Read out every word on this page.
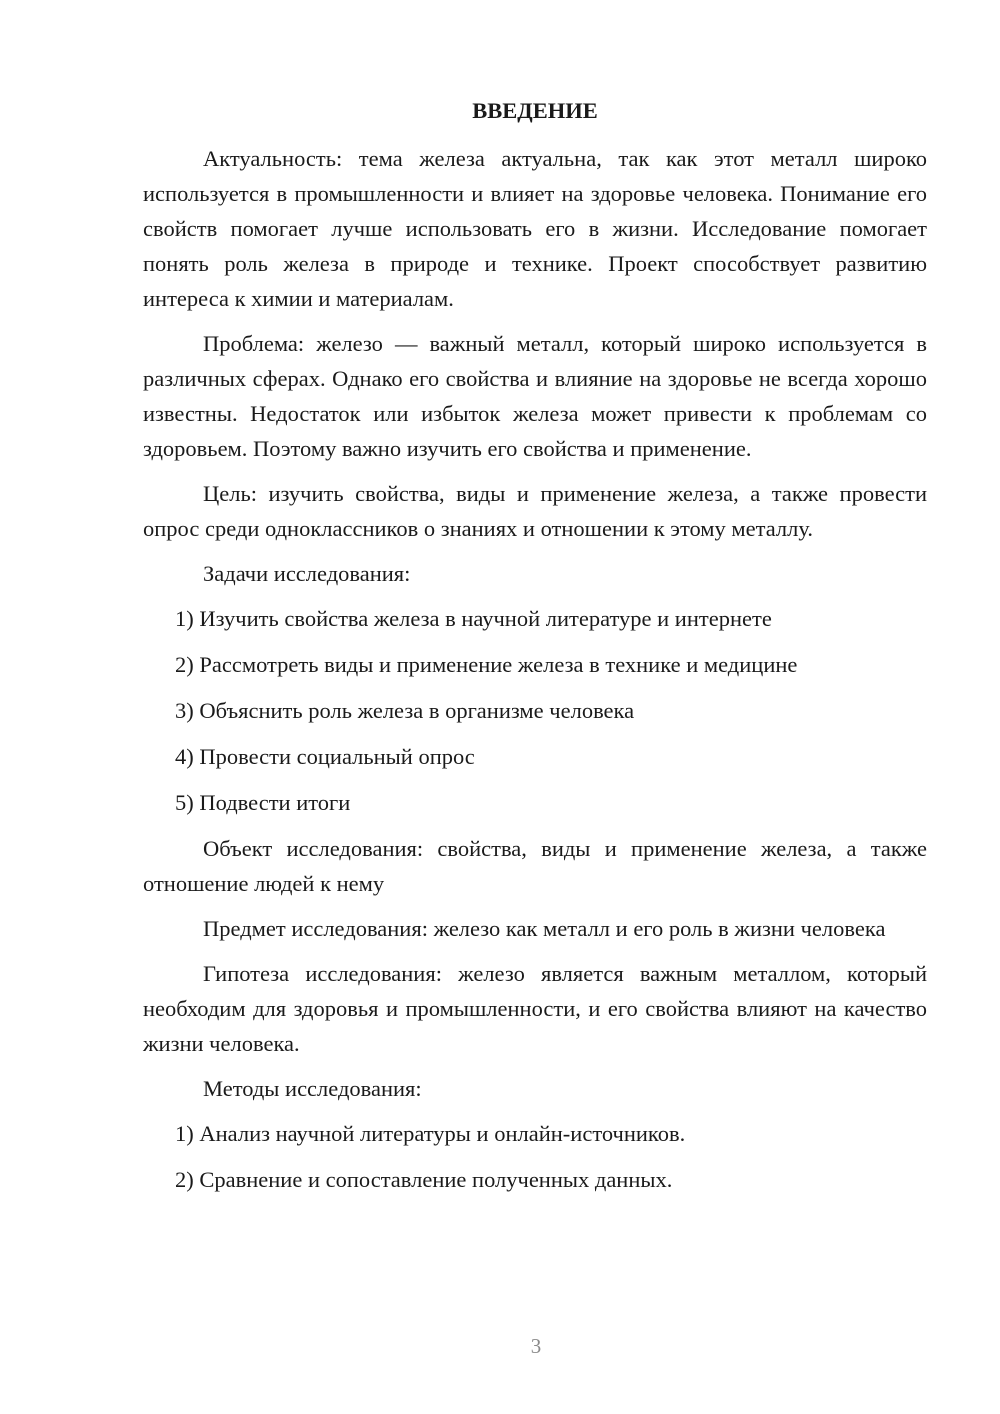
ВВЕДЕНИЕ

Актуальность: тема железа актуальна, так как этот металл широко используется в промышленности и влияет на здоровье человека. Понимание его свойств помогает лучше использовать его в жизни. Исследование помогает понять роль железа в природе и технике. Проект способствует развитию интереса к химии и материалам.

Проблема: железо — важный металл, который широко используется в различных сферах. Однако его свойства и влияние на здоровье не всегда хорошо известны. Недостаток или избыток железа может привести к проблемам со здоровьем. Поэтому важно изучить его свойства и применение.

Цель: изучить свойства, виды и применение железа, а также провести опрос среди одноклассников о знаниях и отношении к этому металлу.

Задачи исследования:

1) Изучить свойства железа в научной литературе и интернете
2) Рассмотреть виды и применение железа в технике и медицине
3) Объяснить роль железа в организме человека
4) Провести социальный опрос
5) Подвести итоги

Объект исследования: свойства, виды и применение железа, а также отношение людей к нему

Предмет исследования: железо как металл и его роль в жизни человека

Гипотеза исследования: железо является важным металлом, который необходим для здоровья и промышленности, и его свойства влияют на качество жизни человека.

Методы исследования:

1) Анализ научной литературы и онлайн-источников.
2) Сравнение и сопоставление полученных данных.
3
